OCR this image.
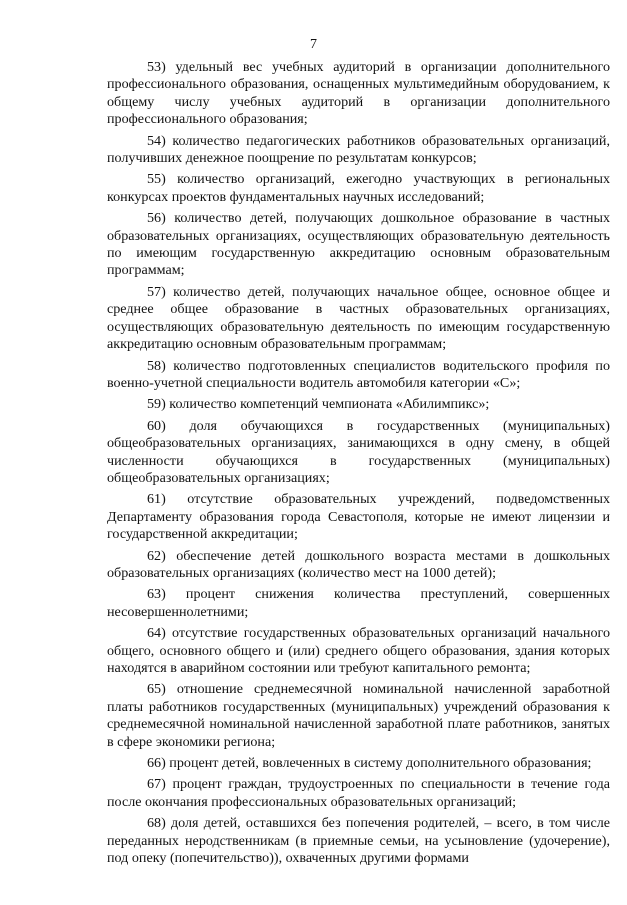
7

53) удельный вес учебных аудиторий в организации дополнительного профессионального образования, оснащенных мультимедийным оборудованием, к общему числу учебных аудиторий в организации дополнительного профессионального образования;

54) количество педагогических работников образовательных организаций, получивших денежное поощрение по результатам конкурсов;

55) количество организаций, ежегодно участвующих в региональных конкурсах проектов фундаментальных научных исследований;

56) количество детей, получающих дошкольное образование в частных образовательных организациях, осуществляющих образовательную деятельность по имеющим государственную аккредитацию основным образовательным программам;

57) количество детей, получающих начальное общее, основное общее и среднее общее образование в частных образовательных организациях, осуществляющих образовательную деятельность по имеющим государственную аккредитацию основным образовательным программам;

58) количество подготовленных специалистов водительского профиля по военно-учетной специальности водитель автомобиля категории «С»;

59) количество компетенций чемпионата «Абилимпикс»;

60) доля обучающихся в государственных (муниципальных) общеобразовательных организациях, занимающихся в одну смену, в общей численности обучающихся в государственных (муниципальных) общеобразовательных организациях;

61) отсутствие образовательных учреждений, подведомственных Департаменту образования города Севастополя, которые не имеют лицензии и государственной аккредитации;

62) обеспечение детей дошкольного возраста местами в дошкольных образовательных организациях (количество мест на 1000 детей);

63) процент снижения количества преступлений, совершенных несовершеннолетними;

64) отсутствие государственных образовательных организаций начального общего, основного общего и (или) среднего общего образования, здания которых находятся в аварийном состоянии или требуют капитального ремонта;

65) отношение среднемесячной номинальной начисленной заработной платы работников государственных (муниципальных) учреждений образования к среднемесячной номинальной начисленной заработной плате работников, занятых в сфере экономики региона;

66) процент детей, вовлеченных в систему дополнительного образования;

67) процент граждан, трудоустроенных по специальности в течение года после окончания профессиональных образовательных организаций;

68) доля детей, оставшихся без попечения родителей, – всего, в том числе переданных неродственникам (в приемные семьи, на усыновление (удочерение), под опеку (попечительство)), охваченных другими формами
